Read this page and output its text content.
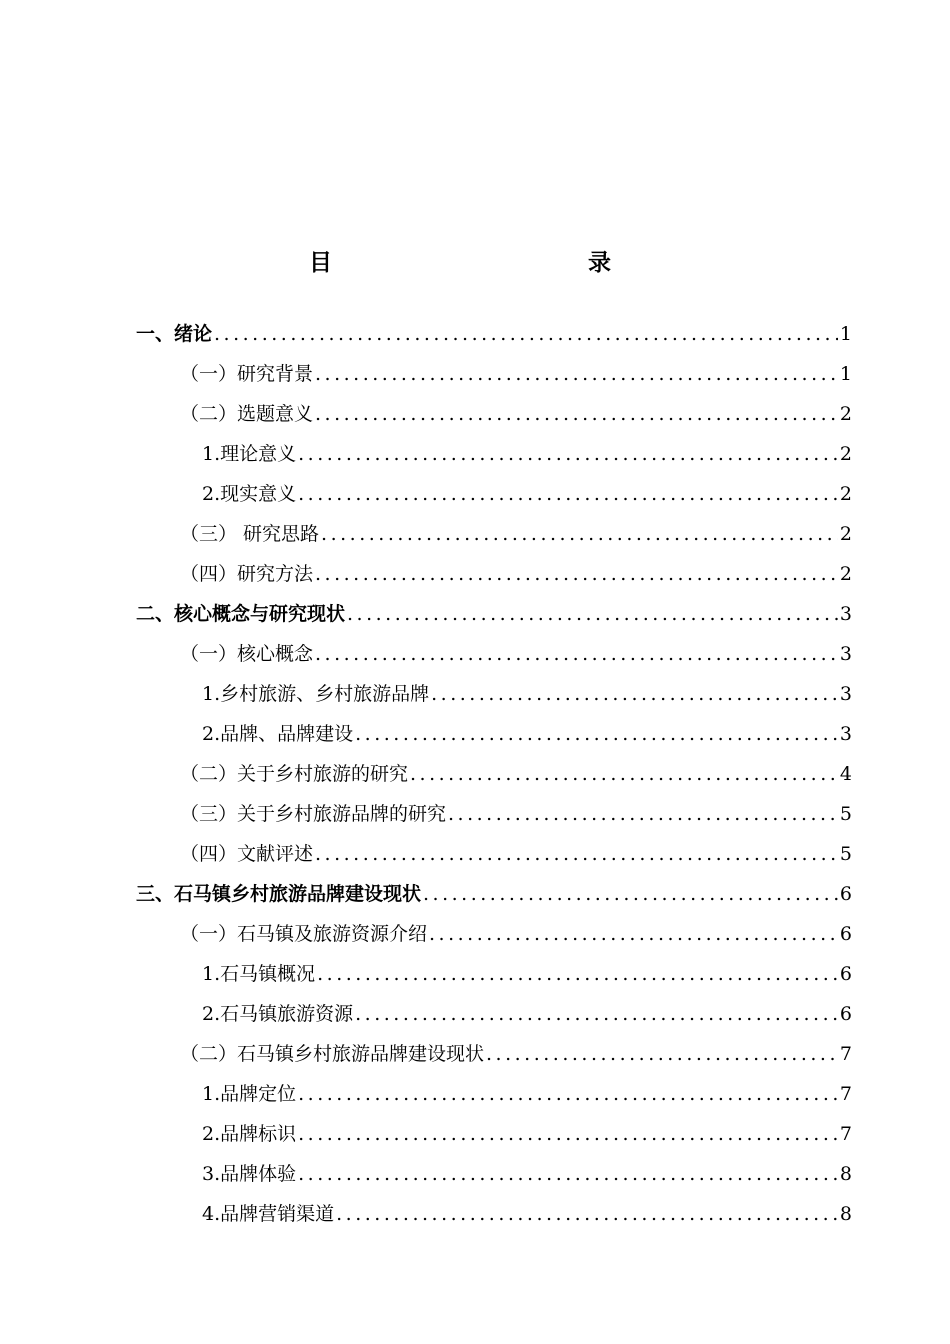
目　　录
一、绪论 .....	1
（一）研究背景 .....	1
（二）选题意义 .....	2
1.理论意义 .....	2
2.现实意义 .....	2
（三） 研究思路 .....	2
（四）研究方法 .....	2
二、核心概念与研究现状 .....	3
（一）核心概念 .....	3
1.乡村旅游、乡村旅游品牌 .....	3
2.品牌、品牌建设 .....	3
（二）关于乡村旅游的研究 .....	4
（三）关于乡村旅游品牌的研究 .....	5
（四）文献评述 .....	5
三、石马镇乡村旅游品牌建设现状 .....	6
（一）石马镇及旅游资源介绍 .....	6
1.石马镇概况 .....	6
2.石马镇旅游资源 .....	6
（二）石马镇乡村旅游品牌建设现状 .....	7
1.品牌定位 .....	7
2.品牌标识 .....	7
3.品牌体验 .....	8
4.品牌营销渠道 .....	8
